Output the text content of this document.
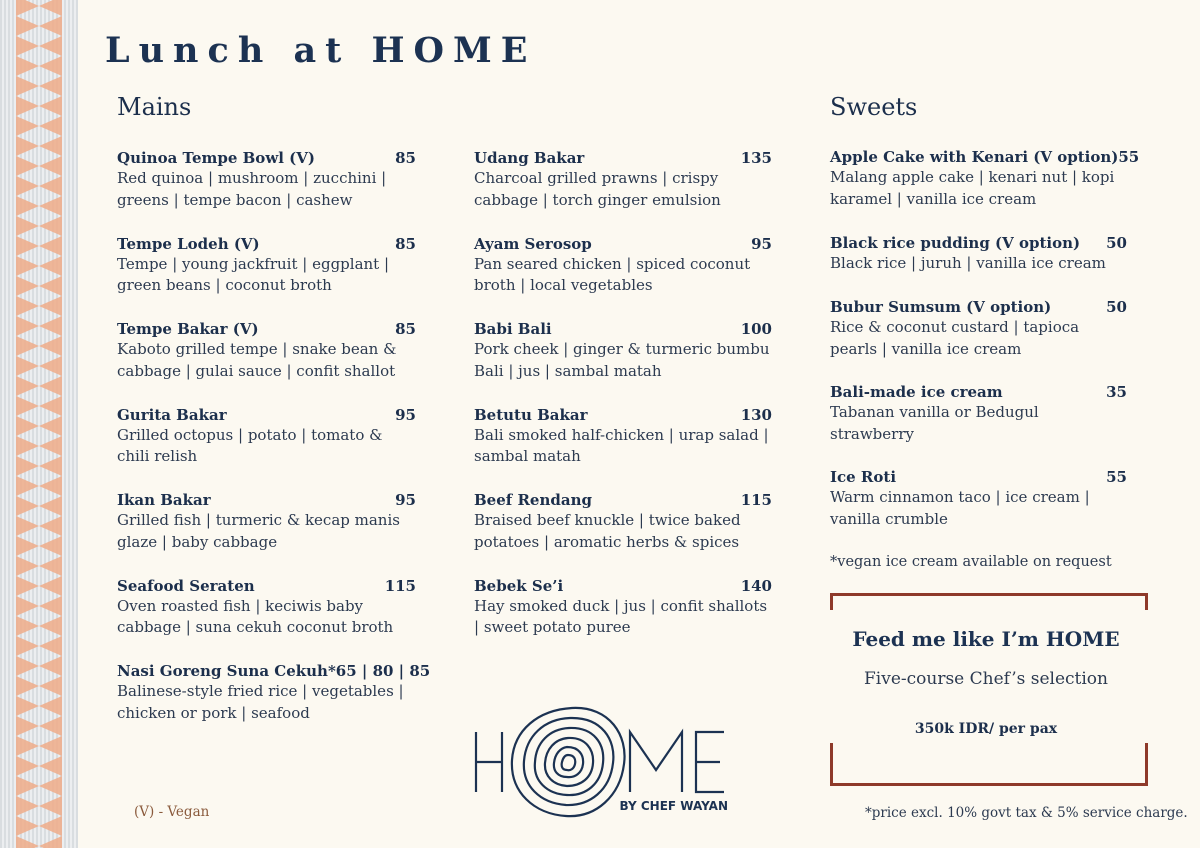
Lunch at HOME
Mains	Sweets
Quinoa Tempe Bowl (V)	85
Red quinoa | mushroom | zucchini | greens | tempe bacon | cashew
Tempe Lodeh (V)	85
Tempe | young jackfruit | eggplant | green beans | coconut broth
Tempe Bakar (V)	85
Kaboto grilled tempe | snake bean & cabbage | gulai sauce | confit shallot
Gurita Bakar	95
Grilled octopus | potato | tomato & chili relish
Ikan Bakar	95
Grilled fish | turmeric & kecap manis glaze | baby cabbage
Seafood Seraten	115
Oven roasted fish | keciwis baby cabbage | suna cekuh coconut broth
Nasi Goreng Suna Cekuh* 65 | 80 | 85
Balinese-style fried rice | vegetables | chicken or pork | seafood
Udang Bakar	135
Charcoal grilled prawns | crispy cabbage | torch ginger emulsion
Ayam Serosop	95
Pan seared chicken | spiced coconut broth | local vegetables
Babi Bali	100
Pork cheek | ginger & turmeric bumbu Bali | jus | sambal matah
Betutu Bakar	130
Bali smoked half-chicken | urap salad | sambal matah
Beef Rendang	115
Braised beef knuckle | twice baked potatoes | aromatic herbs & spices
Bebek Se’i	140
Hay smoked duck | jus | confit shallots | sweet potato puree
Apple Cake with Kenari (V option) 55
Malang apple cake | kenari nut | kopi karamel | vanilla ice cream
Black rice pudding (V option) 50
Black rice | juruh | vanilla ice cream
Bubur Sumsum (V option)	50
Rice & coconut custard | tapioca pearls | vanilla ice cream
Bali-made ice cream	35
Tabanan vanilla or Bedugul strawberry
Ice Roti	55
Warm cinnamon taco | ice cream | vanilla crumble
*vegan ice cream available on request
Feed me like I’m HOME
Five-course Chef’s selection
350k IDR/ per pax
(V) - Vegan	BY CHEF WAYAN	*price excl. 10% govt tax & 5% service charge.
